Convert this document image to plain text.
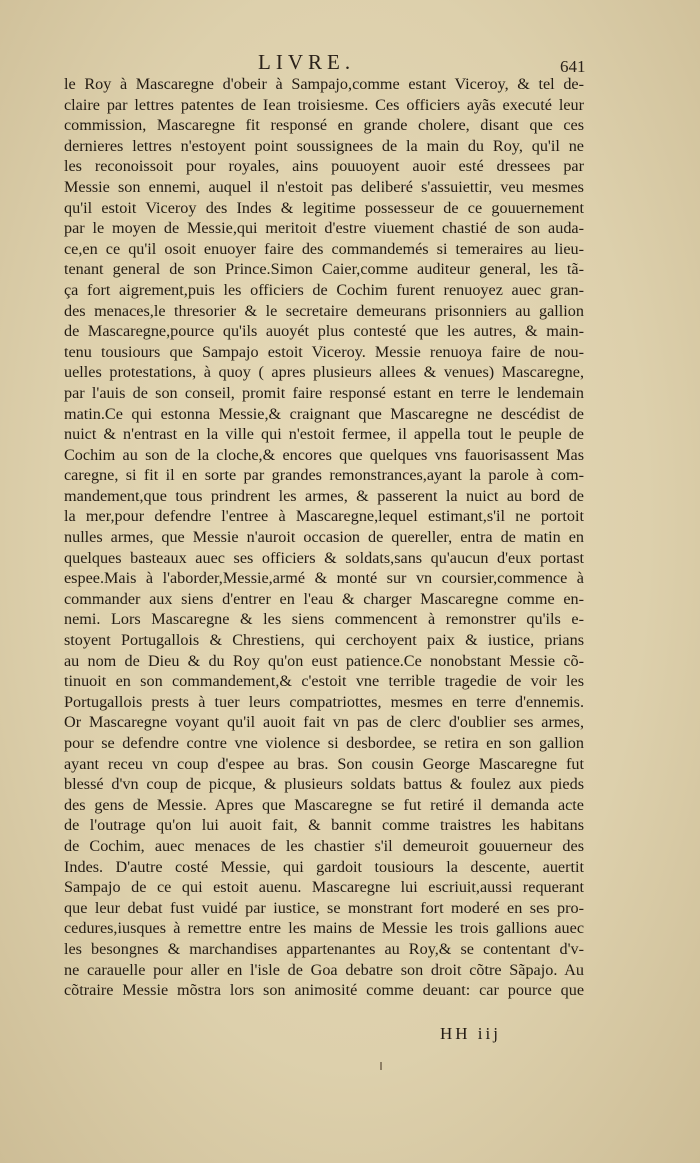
LIVRE.	641
le Roy à Mascaregne d'obeir à Sampajo,comme estant Viceroy, & tel de-
claire par lettres patentes de Iean troisiesme. Ces officiers ayãs executé leur
commission, Mascaregne fit responsé en grande cholere, disant que ces
dernieres lettres n'estoyent point soussignees de la main du Roy, qu'il ne
les reconoissoit pour royales, ains pouuoyent auoir esté dressees par
Messie son ennemi, auquel il n'estoit pas deliberé s'assuiettir, veu mesmes
qu'il estoit Viceroy des Indes & legitime possesseur de ce gouuernement
par le moyen de Messie,qui meritoit d'estre viuement chastié de son auda-
ce,en ce qu'il osoit enuoyer faire des commandemés si temeraires au lieu-
tenant general de son Prince.Simon Caier,comme auditeur general, les tã-
ça fort aigrement,puis les officiers de Cochim furent renuoyez auec gran-
des menaces,le thresorier & le secretaire demeurans prisonniers au gallion
de Mascaregne,pource qu'ils auoyét plus contesté que les autres, & main-
tenu tousiours que Sampajo estoit Viceroy. Messie renuoya faire de nou-
uelles protestations, à quoy ( apres plusieurs allees & venues) Mascaregne,
par l'auis de son conseil, promit faire responsé estant en terre le lendemain
matin.Ce qui estonna Messie,& craignant que Mascaregne ne descédist de
nuict & n'entrast en la ville qui n'estoit fermee, il appella tout le peuple de
Cochim au son de la cloche,& encores que quelques vns fauorisassent Mas
caregne, si fit il en sorte par grandes remonstrances,ayant la parole à com-
mandement,que tous prindrent les armes, & passerent la nuict au bord de
la mer,pour defendre l'entree à Mascaregne,lequel estimant,s'il ne portoit
nulles armes, que Messie n'auroit occasion de quereller, entra de matin en
quelques basteaux auec ses officiers & soldats,sans qu'aucun d'eux portast
espee.Mais à l'aborder,Messie,armé & monté sur vn coursier,commence à
commander aux siens d'entrer en l'eau & charger Mascaregne comme en-
nemi. Lors Mascaregne & les siens commencent à remonstrer qu'ils e-
stoyent Portugallois & Chrestiens, qui cerchoyent paix & iustice, prians
au nom de Dieu & du Roy qu'on eust patience.Ce nonobstant Messie cõ-
tinuoit en son commandement,& c'estoit vne terrible tragedie de voir les
Portugallois prests à tuer leurs compatriottes, mesmes en terre d'ennemis.
Or Mascaregne voyant qu'il auoit fait vn pas de clerc d'oublier ses armes,
pour se defendre contre vne violence si desbordee, se retira en son gallion
ayant receu vn coup d'espee au bras. Son cousin George Mascaregne fut
blessé d'vn coup de picque, & plusieurs soldats battus & foulez aux pieds
des gens de Messie. Apres que Mascaregne se fut retiré il demanda acte
de l'outrage qu'on lui auoit fait, & bannit comme traistres les habitans
de Cochim, auec menaces de les chastier s'il demeuroit gouuerneur des
Indes. D'autre costé Messie, qui gardoit tousiours la descente, auertit
Sampajo de ce qui estoit auenu. Mascaregne lui escriuit,aussi requerant
que leur debat fust vuidé par iustice, se monstrant fort moderé en ses pro-
cedures,iusques à remettre entre les mains de Messie les trois gallions auec
les besongnes & marchandises appartenantes au Roy,& se contentant d'v-
ne carauelle pour aller en l'isle de Goa debatre son droit cõtre Sãpajo. Au
cõtraire Messie mõstra lors son animosité comme deuant: car pource que
HH iij
